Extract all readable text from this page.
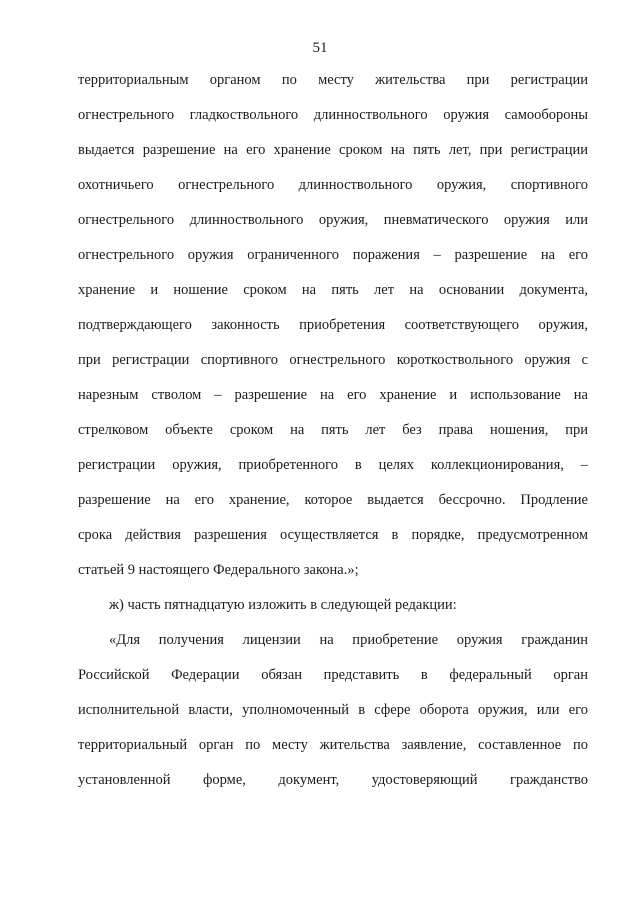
51
территориальным органом по месту жительства при регистрации
огнестрельного гладкоствольного длинноствольного оружия самообороны
выдается разрешение на его хранение сроком на пять лет, при регистрации
охотничьего огнестрельного длинноствольного оружия, спортивного
огнестрельного длинноствольного оружия, пневматического оружия или
огнестрельного оружия ограниченного поражения – разрешение на его
хранение и ношение сроком на пять лет на основании документа,
подтверждающего законность приобретения соответствующего оружия,
при регистрации спортивного огнестрельного короткоствольного оружия с
нарезным стволом – разрешение на его хранение и использование на
стрелковом объекте сроком на пять лет без права ношения, при
регистрации оружия, приобретенного в целях коллекционирования, –
разрешение на его хранение, которое выдается бессрочно. Продление
срока действия разрешения осуществляется в порядке, предусмотренном
статьей 9 настоящего Федерального закона.»;
ж) часть пятнадцатую изложить в следующей редакции:
«Для получения лицензии на приобретение оружия гражданин
Российской Федерации обязан представить в федеральный орган
исполнительной власти, уполномоченный в сфере оборота оружия, или его
территориальный орган по месту жительства заявление, составленное по
установленной форме, документ, удостоверяющий гражданство
